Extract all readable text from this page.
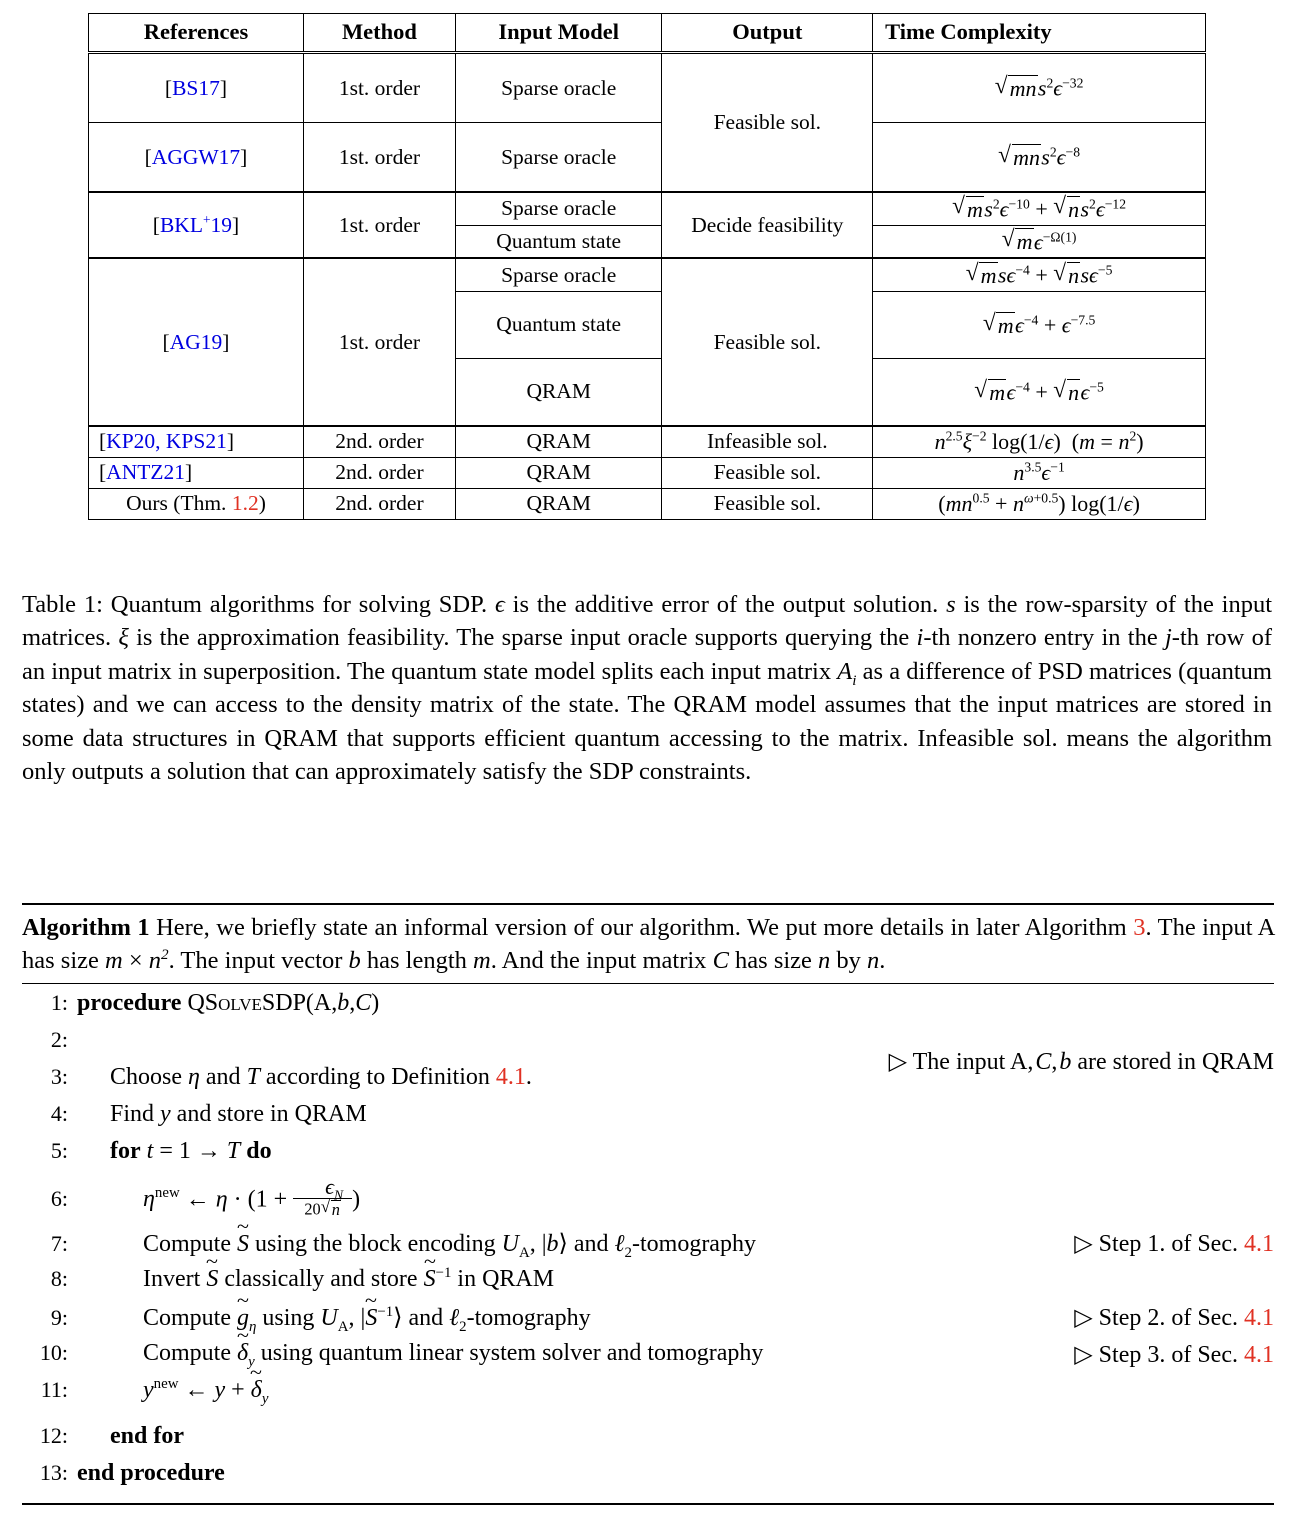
References	Method	Input Model	Output	Time Complexity
[BS17]	1st. order	Sparse oracle	Feasible sol.	√ $mns^2\epsilon^{-32}$
[AGGW17]	1st. order	Sparse oracle		√ $mns^2\epsilon^{-8}$
[BKL+19]	1st. order	Sparse oracle	Decide feasibility	√ $ms^2\epsilon^{-10}$ + √ $ns^2\epsilon^{-12}$
		Quantum state		√ $m\epsilon^{-\Omega(1)}$
[AG19]	1st. order	Sparse oracle	Feasible sol.	√ msϵ$^{-4}$ + √ nsϵ$^{-5}$
		Quantum state		√ $m\epsilon^{-4} + \epsilon^{-7.5}$
		QRAM		√ $m\epsilon^{-4}$ + √ $n\epsilon^{-5}$
[KP20, KPS21]	2nd. order	QRAM	Infeasible sol.	$n^{2.5}\xi^{-2}$ log(1/ϵ)  $(m = n^2)$
[ANTZ21]	2nd. order	QRAM	Feasible sol.	$n^{3.5}\epsilon^{-1}$
Ours (Thm. 1.2)	2nd. order	QRAM	Feasible sol.	$(mn^{0.5} + n^{\omega+0.5})$ log(1/ϵ)
Table 1: Quantum algorithms for solving SDP. ϵ is the additive error of the output solution. s is the row-sparsity of the input matrices. ξ is the approximation feasibility. The sparse input oracle supports querying the i-th nonzero entry in the j-th row of an input matrix in superposition. The quantum state model splits each input matrix $A_i$ as a difference of PSD matrices (quantum states) and we can access to the density matrix of the state. The QRAM model assumes that the input matrices are stored in some data structures in QRAM that supports efficient quantum accessing to the matrix. Infeasible sol. means the algorithm only outputs a solution that can approximately satisfy the SDP constraints.
Algorithm 1 Here, we briefly state an informal version of our algorithm. We put more details in later Algorithm 3. The input A has size $m \times n^2$. The input vector b has length m. And the input matrix C has size n by n.
1: procedure QSolveSDP(A,b,C)
2:
▷ The input A, C, b are stored in QRAM
3:	Choose η and T according to Definition 4.1.
4:	Find y and store in QRAM
5:	for t = 1 → T do
6:	$\eta^{new}$ ← $\eta \cdot (1 + \frac{\epsilon_N}{20 √ n}$ )
7:	Compute S ~ using the block encoding $U_A$, |b⟩ and ℓ$_2$-tomography	▷ Step 1. of Sec. 4.1
8:	Invert S ~ classically and store S ~$^{-1}$ in QRAM
9:	Compute g $\sim_\eta$ using $U_A$, |S ~$^{-1}$⟩ and ℓ$_2$-tomography	▷ Step 2. of Sec. 4.1
10:	Compute δ $\sim_y$ using quantum linear system solver and tomography	▷ Step 3. of Sec. 4.1
11:	$y^{new}$ ← y + δ $\sim_y$
12:	end for
13: end procedure
